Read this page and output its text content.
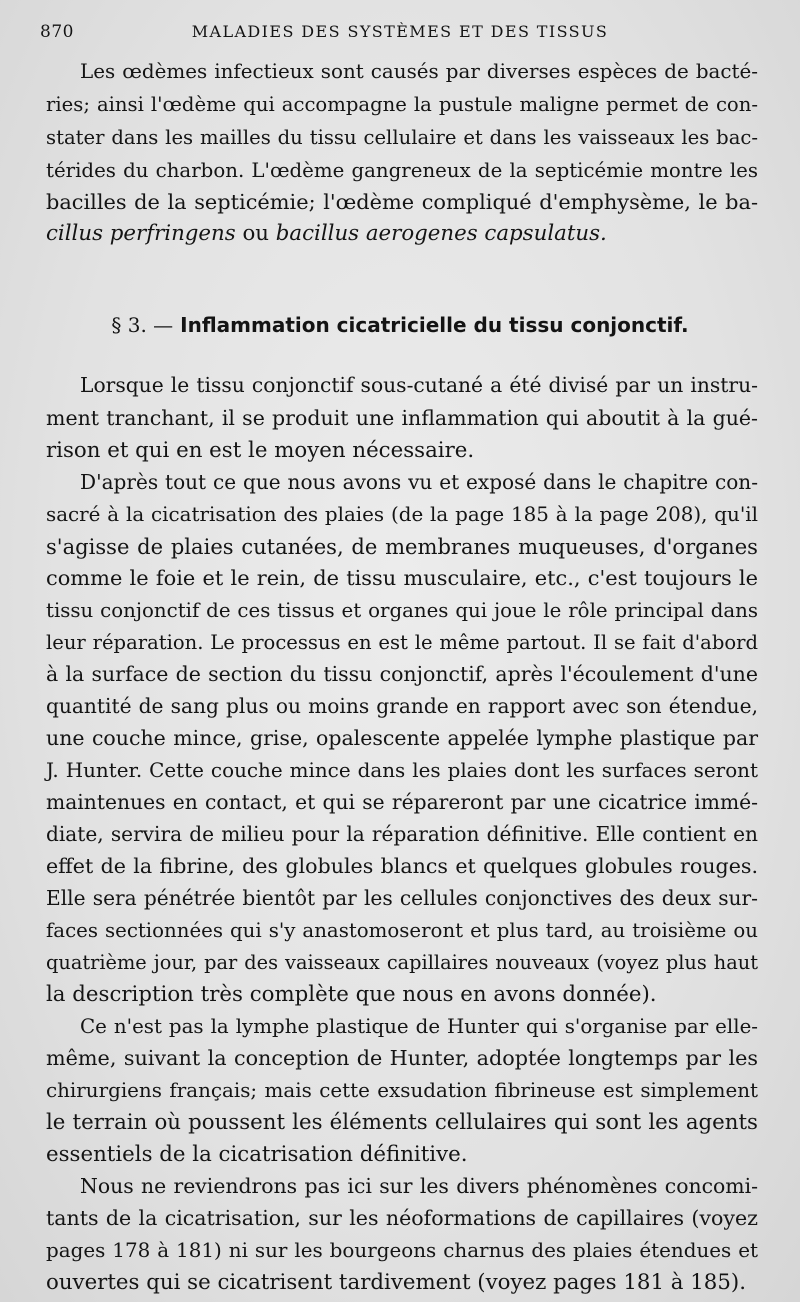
870	MALADIES DES SYSTÈMES ET DES TISSUS
Les œdèmes infectieux sont causés par diverses espèces de bacté-
ries; ainsi l'œdème qui accompagne la pustule maligne permet de con-
stater dans les mailles du tissu cellulaire et dans les vaisseaux les bac-
térides du charbon. L'œdème gangreneux de la septicémie montre les
bacilles de la septicémie; l'œdème compliqué d'emphysème, le ba-
cillus perfringens ou bacillus aerogenes capsulatus.
§ 3. — Inflammation cicatricielle du tissu conjonctif.
Lorsque le tissu conjonctif sous-cutané a été divisé par un instru-
ment tranchant, il se produit une inflammation qui aboutit à la gué-
rison et qui en est le moyen nécessaire.
D'après tout ce que nous avons vu et exposé dans le chapitre con-
sacré à la cicatrisation des plaies (de la page 185 à la page 208), qu'il
s'agisse de plaies cutanées, de membranes muqueuses, d'organes
comme le foie et le rein, de tissu musculaire, etc., c'est toujours le
tissu conjonctif de ces tissus et organes qui joue le rôle principal dans
leur réparation. Le processus en est le même partout. Il se fait d'abord
à la surface de section du tissu conjonctif, après l'écoulement d'une
quantité de sang plus ou moins grande en rapport avec son étendue,
une couche mince, grise, opalescente appelée lymphe plastique par
J. Hunter. Cette couche mince dans les plaies dont les surfaces seront
maintenues en contact, et qui se répareront par une cicatrice immé-
diate, servira de milieu pour la réparation définitive. Elle contient en
effet de la fibrine, des globules blancs et quelques globules rouges.
Elle sera pénétrée bientôt par les cellules conjonctives des deux sur-
faces sectionnées qui s'y anastomoseront et plus tard, au troisième ou
quatrième jour, par des vaisseaux capillaires nouveaux (voyez plus haut
la description très complète que nous en avons donnée).
Ce n'est pas la lymphe plastique de Hunter qui s'organise par elle-
même, suivant la conception de Hunter, adoptée longtemps par les
chirurgiens français; mais cette exsudation fibrineuse est simplement
le terrain où poussent les éléments cellulaires qui sont les agents
essentiels de la cicatrisation définitive.
Nous ne reviendrons pas ici sur les divers phénomènes concomi-
tants de la cicatrisation, sur les néoformations de capillaires (voyez
pages 178 à 181) ni sur les bourgeons charnus des plaies étendues et
ouvertes qui se cicatrisent tardivement (voyez pages 181 à 185).
